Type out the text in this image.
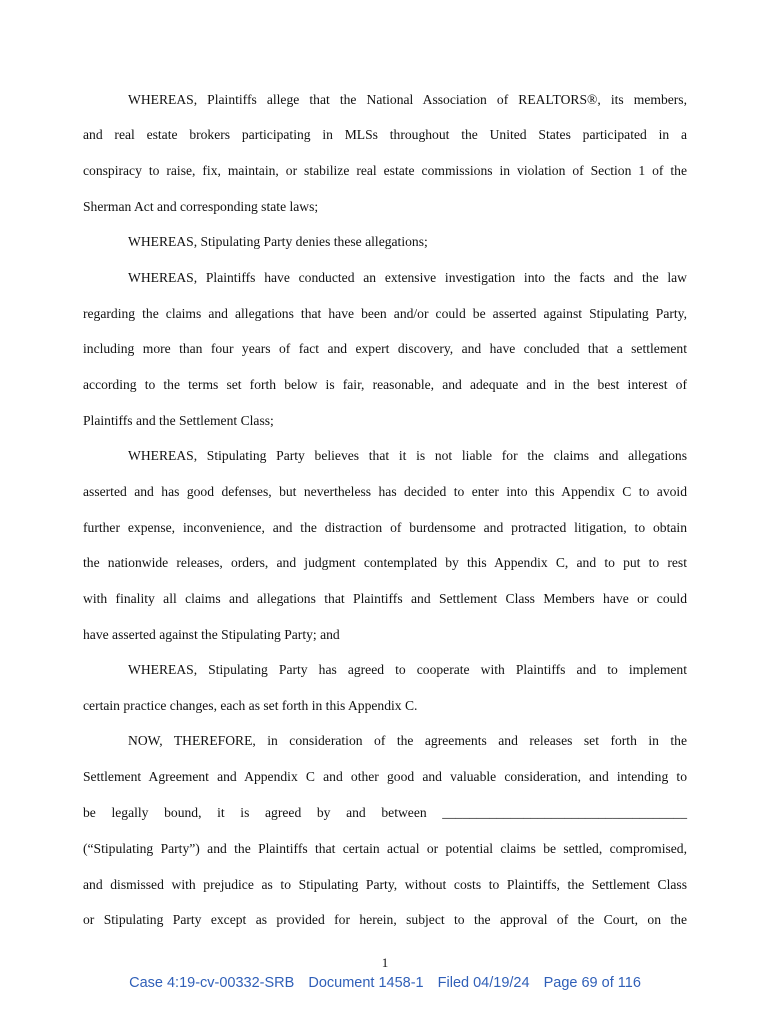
WHEREAS, Plaintiffs allege that the National Association of REALTORS®, its members,
and real estate brokers participating in MLSs throughout the United States participated in a
conspiracy to raise, fix, maintain, or stabilize real estate commissions in violation of Section 1 of the
Sherman Act and corresponding state laws;
WHEREAS, Stipulating Party denies these allegations;
WHEREAS, Plaintiffs have conducted an extensive investigation into the facts and the law
regarding the claims and allegations that have been and/or could be asserted against Stipulating Party,
including more than four years of fact and expert discovery, and have concluded that a settlement
according to the terms set forth below is fair, reasonable, and adequate and in the best interest of
Plaintiffs and the Settlement Class;
WHEREAS, Stipulating Party believes that it is not liable for the claims and allegations
asserted and has good defenses, but nevertheless has decided to enter into this Appendix C to avoid
further expense, inconvenience, and the distraction of burdensome and protracted litigation, to obtain
the nationwide releases, orders, and judgment contemplated by this Appendix C, and to put to rest
with finality all claims and allegations that Plaintiffs and Settlement Class Members have or could
have asserted against the Stipulating Party; and
WHEREAS, Stipulating Party has agreed to cooperate with Plaintiffs and to implement
certain practice changes, each as set forth in this Appendix C.
NOW, THEREFORE, in consideration of the agreements and releases set forth in the
Settlement Agreement and Appendix C and other good and valuable consideration, and intending to
be legally bound, it is agreed by and between ____________________________________
(“Stipulating Party”) and the Plaintiffs that certain actual or potential claims be settled, compromised,
and dismissed with prejudice as to Stipulating Party, without costs to Plaintiffs, the Settlement Class
or Stipulating Party except as provided for herein, subject to the approval of the Court, on the
1
Case 4:19-cv-00332-SRB Document 1458-1 Filed 04/19/24 Page 69 of 116
